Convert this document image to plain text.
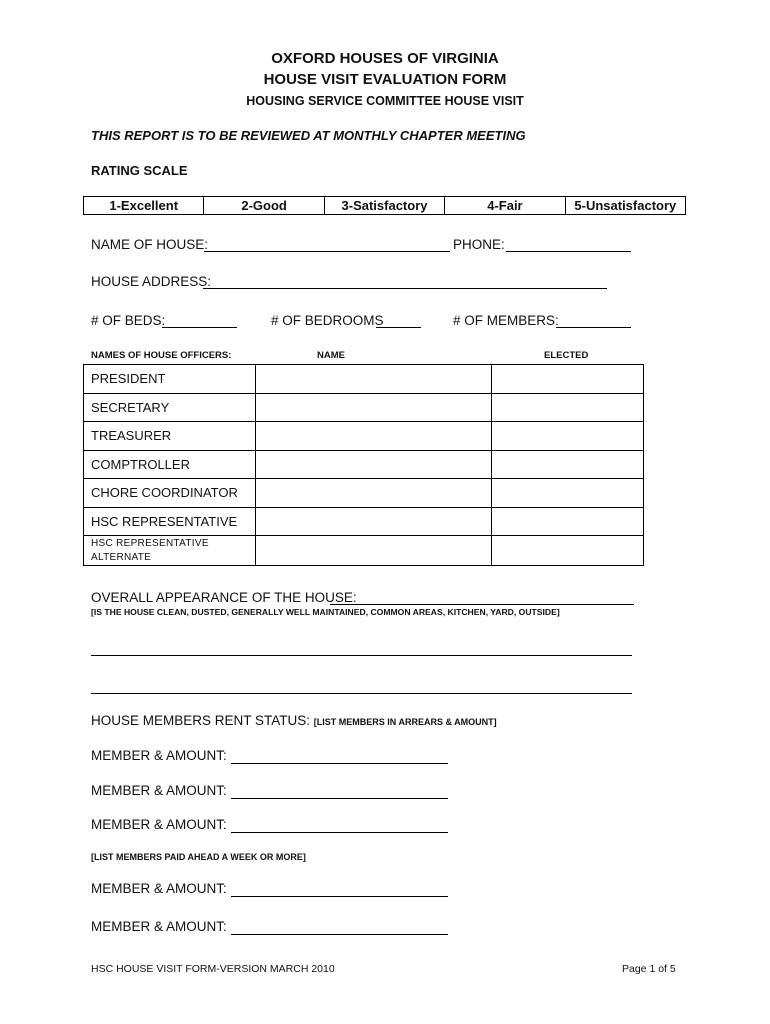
OXFORD HOUSES OF VIRGINIA
HOUSE VISIT EVALUATION FORM
HOUSING SERVICE COMMITTEE HOUSE VISIT
THIS REPORT IS TO BE REVIEWED AT MONTHLY CHAPTER MEETING
RATING SCALE
1-Excellent	2-Good	3-Satisfactory	4-Fair	5-Unsatisfactory
NAME OF HOUSE:	PHONE:
HOUSE ADDRESS:
# OF BEDS:	# OF BEDROOMS	# OF MEMBERS:
NAMES OF HOUSE OFFICERS:	NAME	ELECTED
PRESIDENT		
SECRETARY		
TREASURER		
COMPTROLLER		
CHORE COORDINATOR		
HSC REPRESENTATIVE		

HSC REPRESENTATIVE
ALTERNATE		

OVERALL APPEARANCE OF THE HOUSE:
[IS THE HOUSE CLEAN, DUSTED, GENERALLY WELL MAINTAINED, COMMON AREAS, KITCHEN, YARD, OUTSIDE]
HOUSE MEMBERS RENT STATUS: [LIST MEMBERS IN ARREARS & AMOUNT]
MEMBER & AMOUNT:
MEMBER & AMOUNT:
MEMBER & AMOUNT:
[LIST MEMBERS PAID AHEAD A WEEK OR MORE]
MEMBER & AMOUNT:
MEMBER & AMOUNT:
HSC HOUSE VISIT FORM-VERSION MARCH 2010	Page 1 of 5
